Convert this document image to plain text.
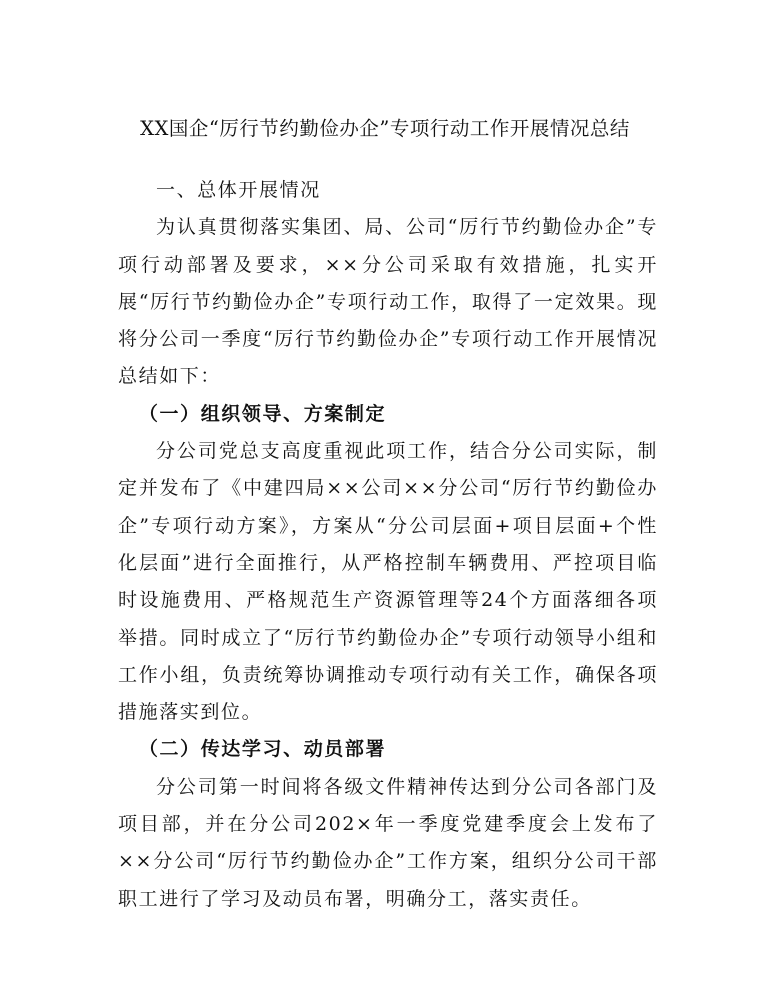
XX国企“厉行节约勤俭办企”专项行动工作开展情况总结
一、总体开展情况

为认真贯彻落实集团、局、公司“厉行节约勤俭办企”专项行动部署及要求，××分公司采取有效措施，扎实开展“厉行节约勤俭办企”专项行动工作，取得了一定效果。现将分公司一季度“厉行节约勤俭办企”专项行动工作开展情况总结如下：

（一）组织领导、方案制定

分公司党总支高度重视此项工作，结合分公司实际，制定并发布了《中建四局××公司××分公司“厉行节约勤俭办企”专项行动方案》，方案从“分公司层面+项目层面+个性化层面”进行全面推行，从严格控制车辆费用、严控项目临时设施费用、严格规范生产资源管理等24个方面落细各项举措。同时成立了“厉行节约勤俭办企”专项行动领导小组和工作小组，负责统筹协调推动专项行动有关工作，确保各项措施落实到位。

（二）传达学习、动员部署

分公司第一时间将各级文件精神传达到分公司各部门及项目部，并在分公司202×年一季度党建季度会上发布了××分公司“厉行节约勤俭办企”工作方案，组织分公司干部职工进行了学习及动员布署，明确分工，落实责任。
